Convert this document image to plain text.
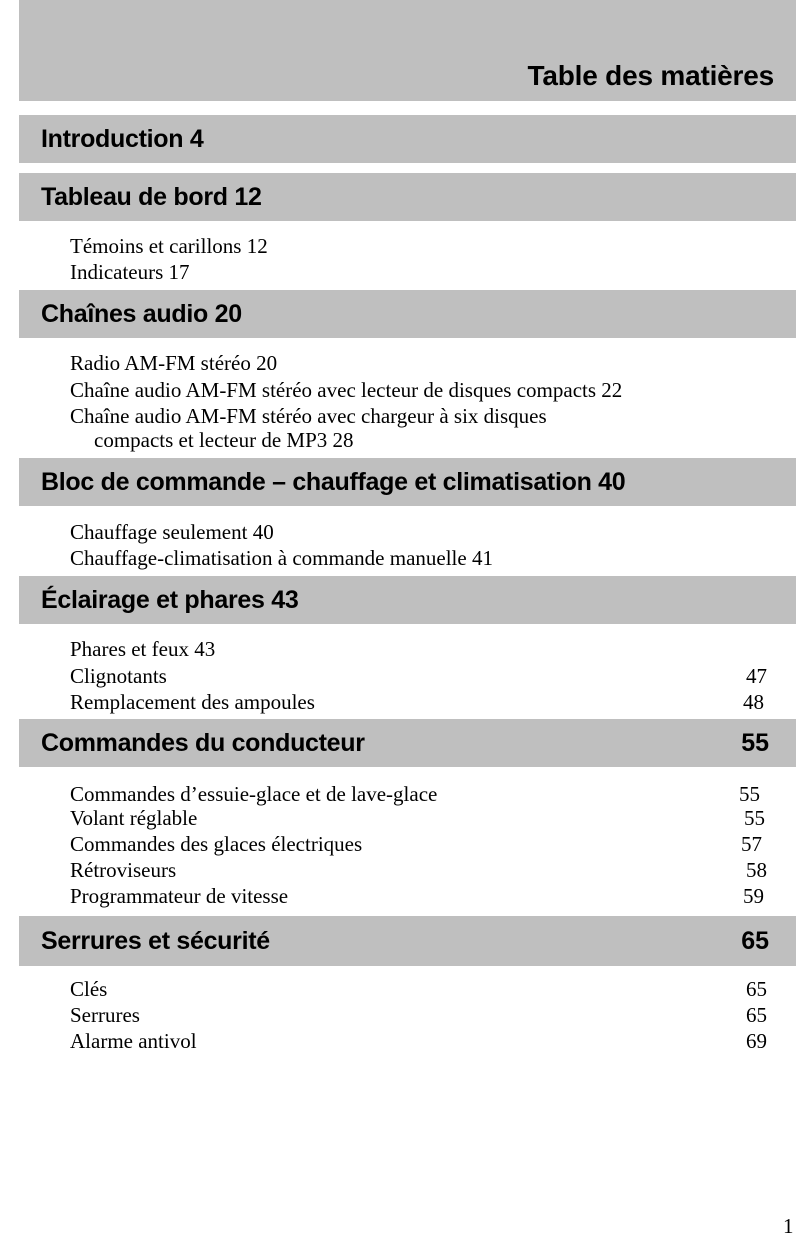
Table des matières
Introduction 4
Tableau de bord 12
Témoins et carillons 12
Indicateurs 17
Chaînes audio 20
Radio AM-FM stéréo 20
Chaîne audio AM-FM stéréo avec lecteur de disques compacts 22
Chaîne audio AM-FM stéréo avec chargeur à six disques
compacts et lecteur de MP3 28
Bloc de commande – chauffage et climatisation 40
Chauffage seulement 40
Chauffage-climatisation à commande manuelle 41
Éclairage et phares 43
Phares et feux 43
Clignotants	47
Remplacement des ampoules	48
Commandes du conducteur	55
Commandes d’essuie-glace et de lave-glace	55
Volant réglable	55
Commandes des glaces électriques	57
Rétroviseurs	58
Programmateur de vitesse	59
Serrures et sécurité	65
Clés	65
Serrures	65
Alarme antivol	69
1
